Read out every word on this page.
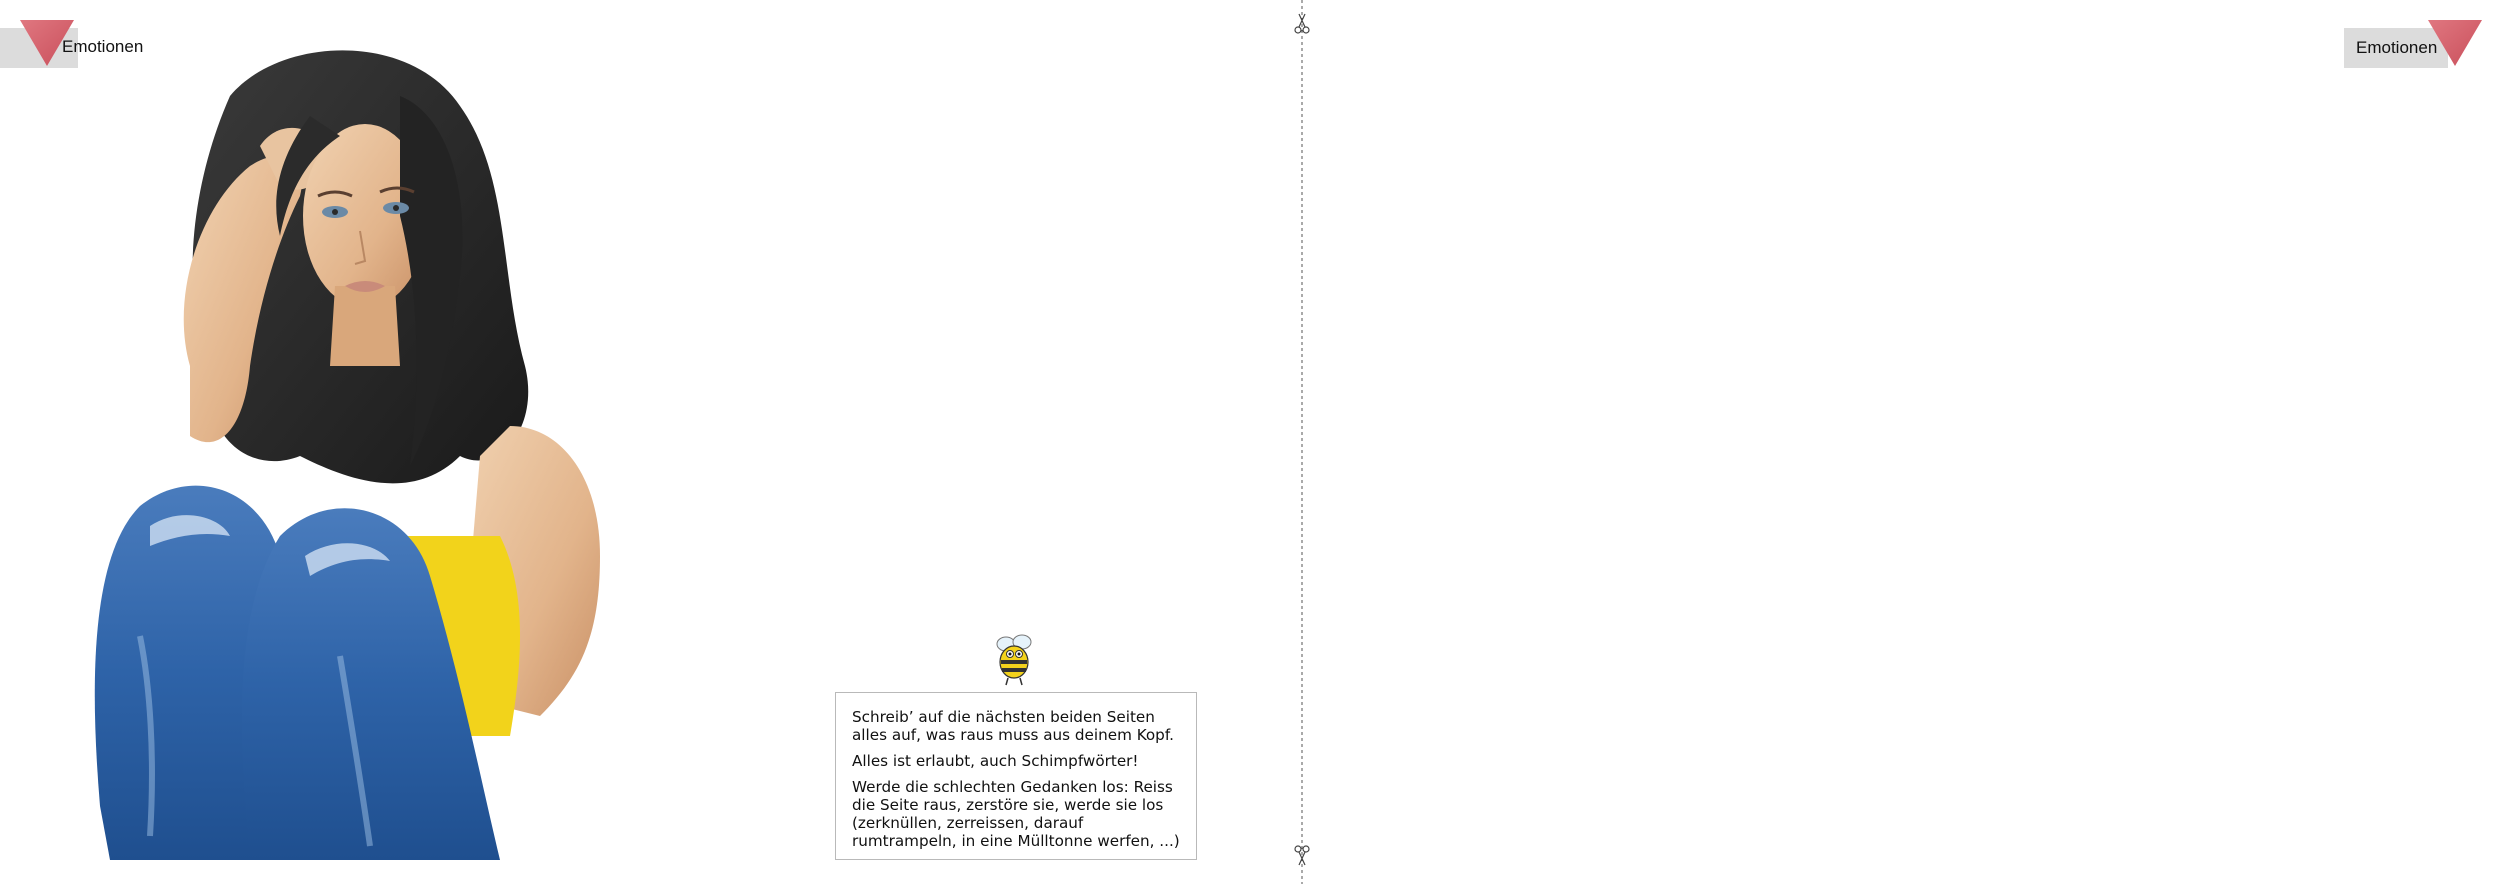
Emotionen	Emotionen

Schreib’ auf die nächsten beiden Seiten alles auf, was raus muss aus deinem Kopf.

Alles ist erlaubt, auch Schimpfwörter!

Werde die schlechten Gedanken los: Reiss die Seite raus, zerstöre sie, werde sie los (zerknüllen, zerreissen, darauf rumtrampeln, in eine Mülltonne werfen, ...)
